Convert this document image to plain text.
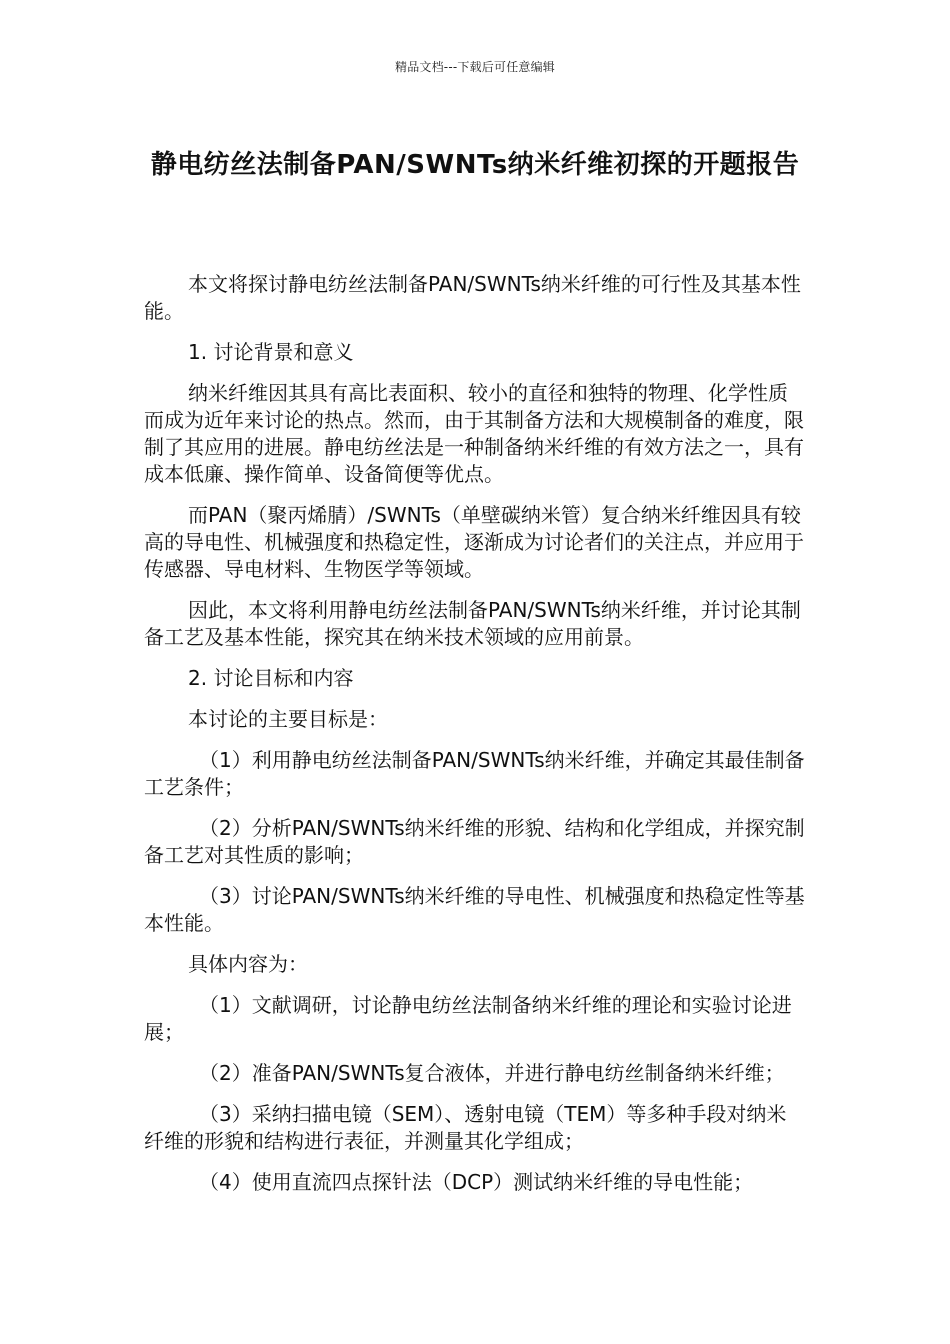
精品文档---下载后可任意编辑
静电纺丝法制备PAN/SWNTs纳米纤维初探的开题报告

本文将探讨静电纺丝法制备PAN/SWNTs纳米纤维的可行性及其基本性能。

1. 讨论背景和意义

纳米纤维因其具有高比表面积、较小的直径和独特的物理、化学性质而成为近年来讨论的热点。然而，由于其制备方法和大规模制备的难度，限制了其应用的进展。静电纺丝法是一种制备纳米纤维的有效方法之一，具有成本低廉、操作简单、设备简便等优点。

而PAN（聚丙烯腈）/SWNTs（单壁碳纳米管）复合纳米纤维因具有较高的导电性、机械强度和热稳定性，逐渐成为讨论者们的关注点，并应用于传感器、导电材料、生物医学等领域。

因此，本文将利用静电纺丝法制备PAN/SWNTs纳米纤维，并讨论其制备工艺及基本性能，探究其在纳米技术领域的应用前景。

2. 讨论目标和内容

本讨论的主要目标是：

（1）利用静电纺丝法制备PAN/SWNTs纳米纤维，并确定其最佳制备工艺条件；

（2）分析PAN/SWNTs纳米纤维的形貌、结构和化学组成，并探究制备工艺对其性质的影响；

（3）讨论PAN/SWNTs纳米纤维的导电性、机械强度和热稳定性等基本性能。

具体内容为：

（1）文献调研，讨论静电纺丝法制备纳米纤维的理论和实验讨论进展；

（2）准备PAN/SWNTs复合液体，并进行静电纺丝制备纳米纤维；

（3）采纳扫描电镜（SEM）、透射电镜（TEM）等多种手段对纳米纤维的形貌和结构进行表征，并测量其化学组成；

（4）使用直流四点探针法（DCP）测试纳米纤维的导电性能；
